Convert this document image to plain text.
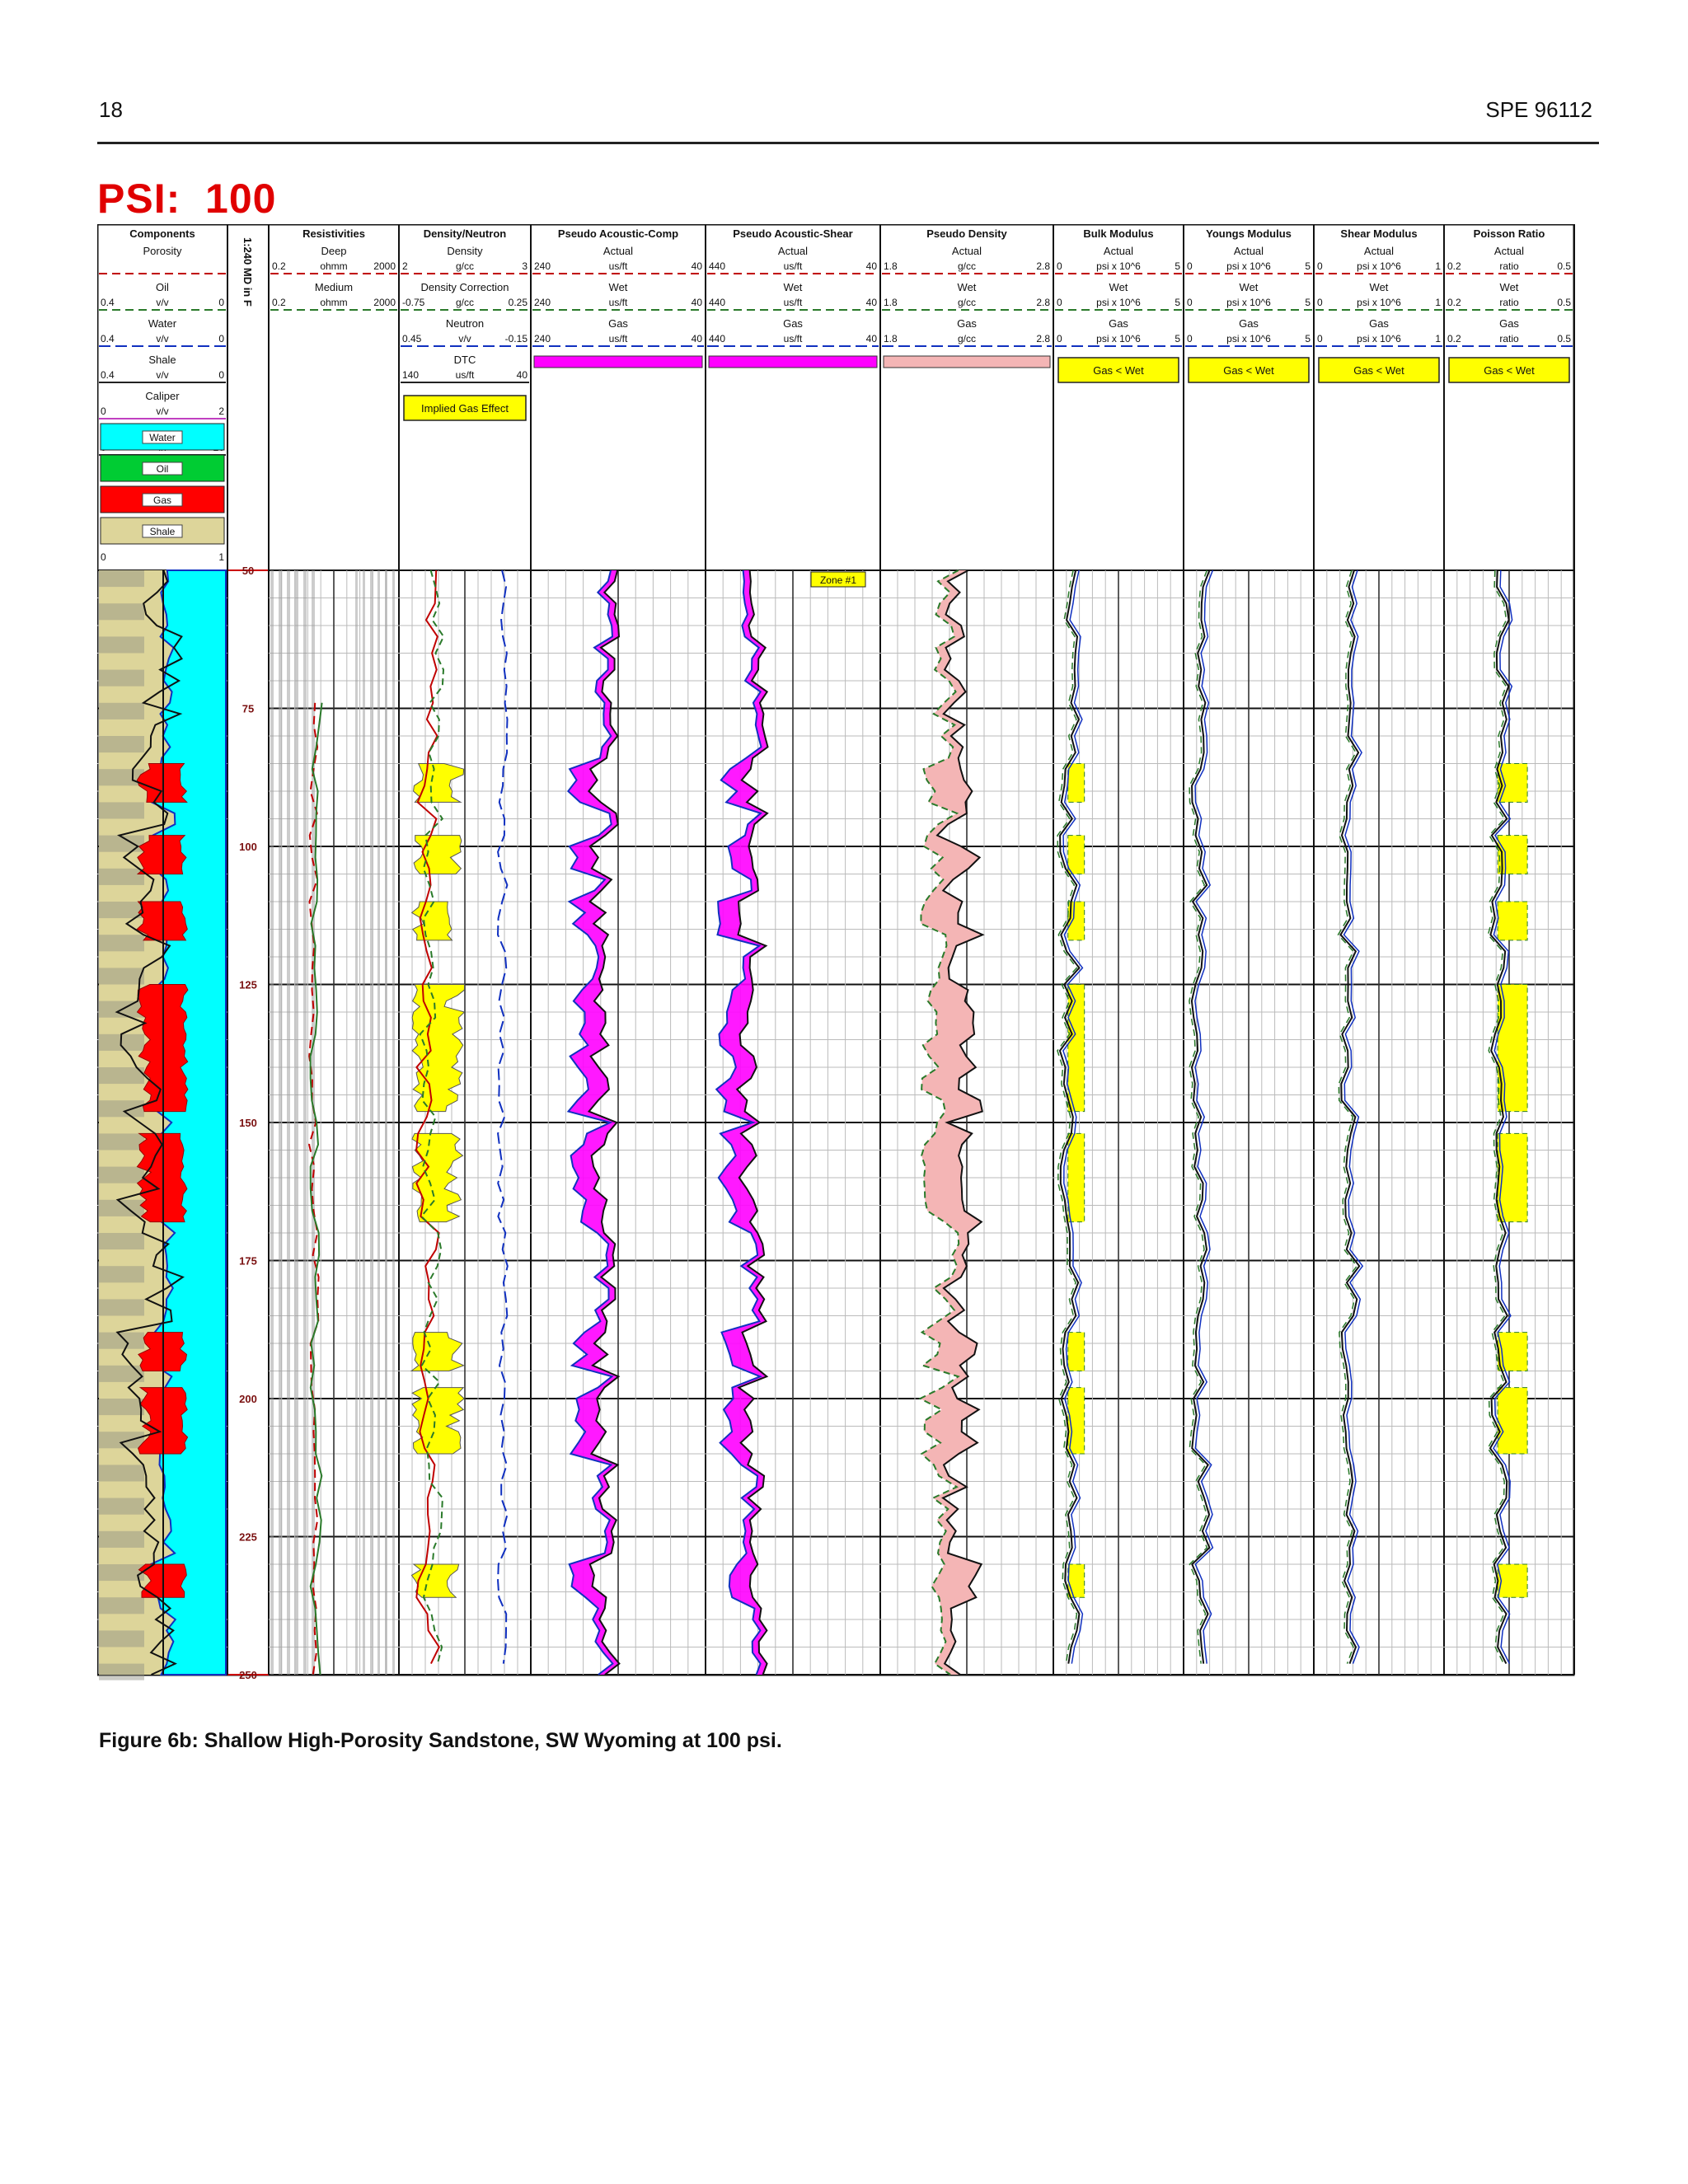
18	SPE 96112
PSI: 100
Components
Porosity
Oil
0.4	v/v	0
Water
0.4	v/v	0
Shale
0.4	v/v	0
Caliper
0	v/v	2
Water
Oil
Gas
Shale
0	1
Resistivities
Deep
0.2	ohmm	2000
Medium
0.2	ohmm	2000
Density/Neutron
Density
2	g/cc	3
Density Correction
-0.75	g/cc	0.25
Neutron
0.45	v/v	-0.15
DTC
140	us/ft	40
Implied Gas Effect
Pseudo Acoustic-Comp
Actual
240	us/ft	40
Wet
240	us/ft	40
Gas
240	us/ft	40
Pseudo Acoustic-Shear
Actual
440	us/ft	40
Wet
440	us/ft	40
Gas
440	us/ft	40
Pseudo Density
Actual
1.8	g/cc	2.8
Wet
1.8	g/cc	2.8
Gas
1.8	g/cc	2.8
Bulk Modulus
Actual
0	psi x 10^6	5
Wet
0	psi x 10^6	5
Gas
0	psi x 10^6	5
Gas < Wet
Youngs Modulus
Actual
0	psi x 10^6	5
Wet
0	psi x 10^6	5
Gas
0	psi x 10^6	5
Gas < Wet
Shear Modulus
Actual
0	psi x 10^6	1
Wet
0	psi x 10^6	1
Gas
0	psi x 10^6	1
Gas < Wet
Poisson Ratio
Actual
0.2	ratio	0.5
Wet
0.2	ratio	0.5
Gas
0.2	ratio	0.5
Gas < Wet
1:240 MD in F
50
75
100
125
150
175
200
225
250
Zone #1
Figure 6b: Shallow High-Porosity Sandstone, SW Wyoming at 100 psi.
